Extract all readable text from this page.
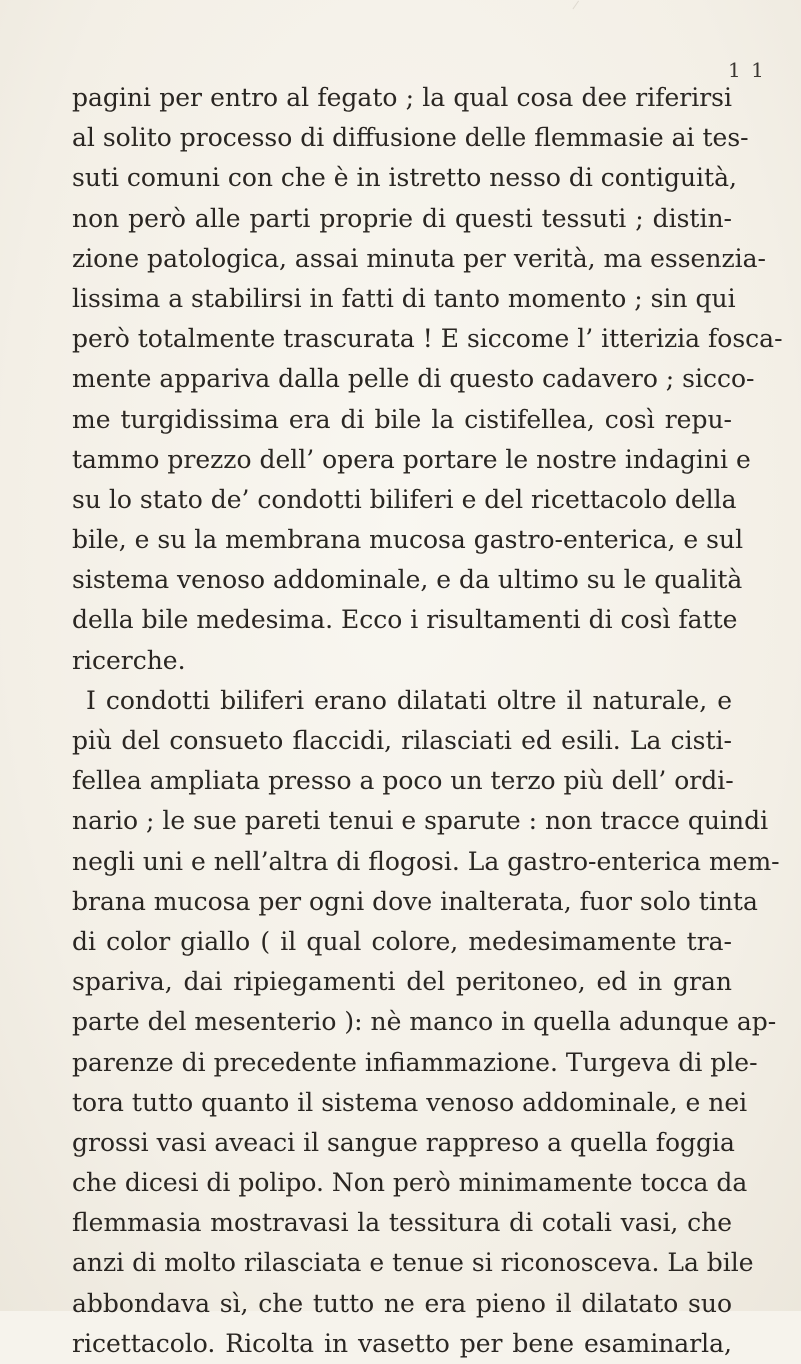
1 1
pagini per entro al fegato ; la qual cosa dee riferirsi
al solito processo di diffusione delle flemmasie ai tes-
suti comuni con che è in istretto nesso di contiguità,
non però alle parti proprie di questi tessuti ; distin-
zione patologica, assai minuta per verità, ma essenzia-
lissima a stabilirsi in fatti di tanto momento ; sin qui
però totalmente trascurata ! E siccome l’ itterizia fosca-
mente appariva dalla pelle di questo cadavero ; sicco-
me turgidissima era di bile la cistifellea, così repu-
tammo prezzo dell’ opera portare le nostre indagini e
su lo stato de’ condotti biliferi e del ricettacolo della
bile, e su la membrana mucosa gastro-enterica, e sul
sistema venoso addominale, e da ultimo su le qualità
della bile medesima. Ecco i risultamenti di così fatte
ricerche.
I condotti biliferi erano dilatati oltre il naturale, e
più del consueto flaccidi, rilasciati ed esili. La cisti-
fellea ampliata presso a poco un terzo più dell’ ordi-
nario ; le sue pareti tenui e sparute : non tracce quindi
negli uni e nell’altra di flogosi. La gastro-enterica mem-
brana mucosa per ogni dove inalterata, fuor solo tinta
di color giallo ( il qual colore, medesimamente tra-
spariva, dai ripiegamenti del peritoneo, ed in gran
parte del mesenterio ): nè manco in quella adunque ap-
parenze di precedente infiammazione. Turgeva di ple-
tora tutto quanto il sistema venoso addominale, e nei
grossi vasi aveaci il sangue rappreso a quella foggia
che dicesi di polipo. Non però minimamente tocca da
flemmasia mostravasi la tessitura di cotali vasi, che
anzi di molto rilasciata e tenue si riconosceva. La bile
abbondava sì, che tutto ne era pieno il dilatato suo
ricettacolo. Ricolta in vasetto per bene esaminarla,
